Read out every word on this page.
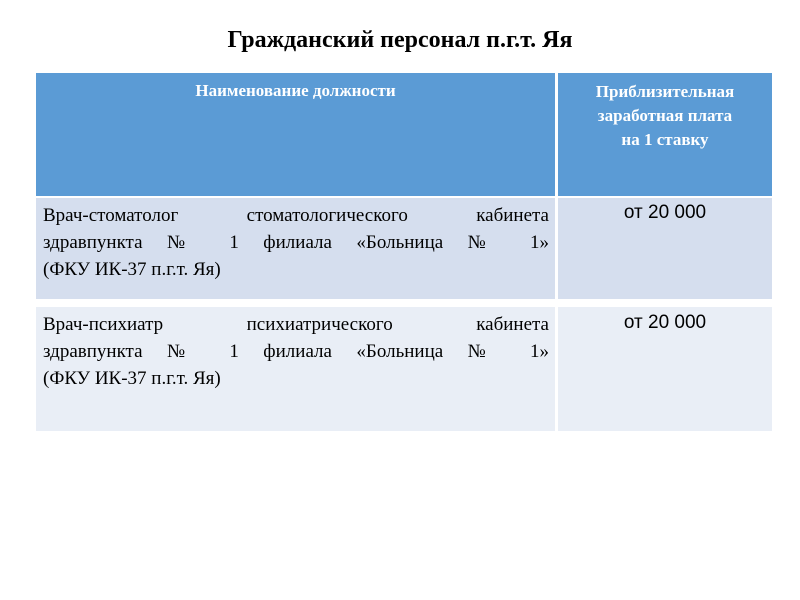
Гражданский персонал п.г.т. Яя
Наименование должности	Приблизительная
заработная плата
на 1 ставку
Врач-стоматолог стоматологического кабинета
здравпункта № 1 филиала «Больница № 1»
(ФКУ ИК-37 п.г.т. Яя)
от 20 000
Врач-психиатр психиатрического кабинета
здравпункта № 1 филиала «Больница № 1»
(ФКУ ИК-37 п.г.т. Яя)
от 20 000
